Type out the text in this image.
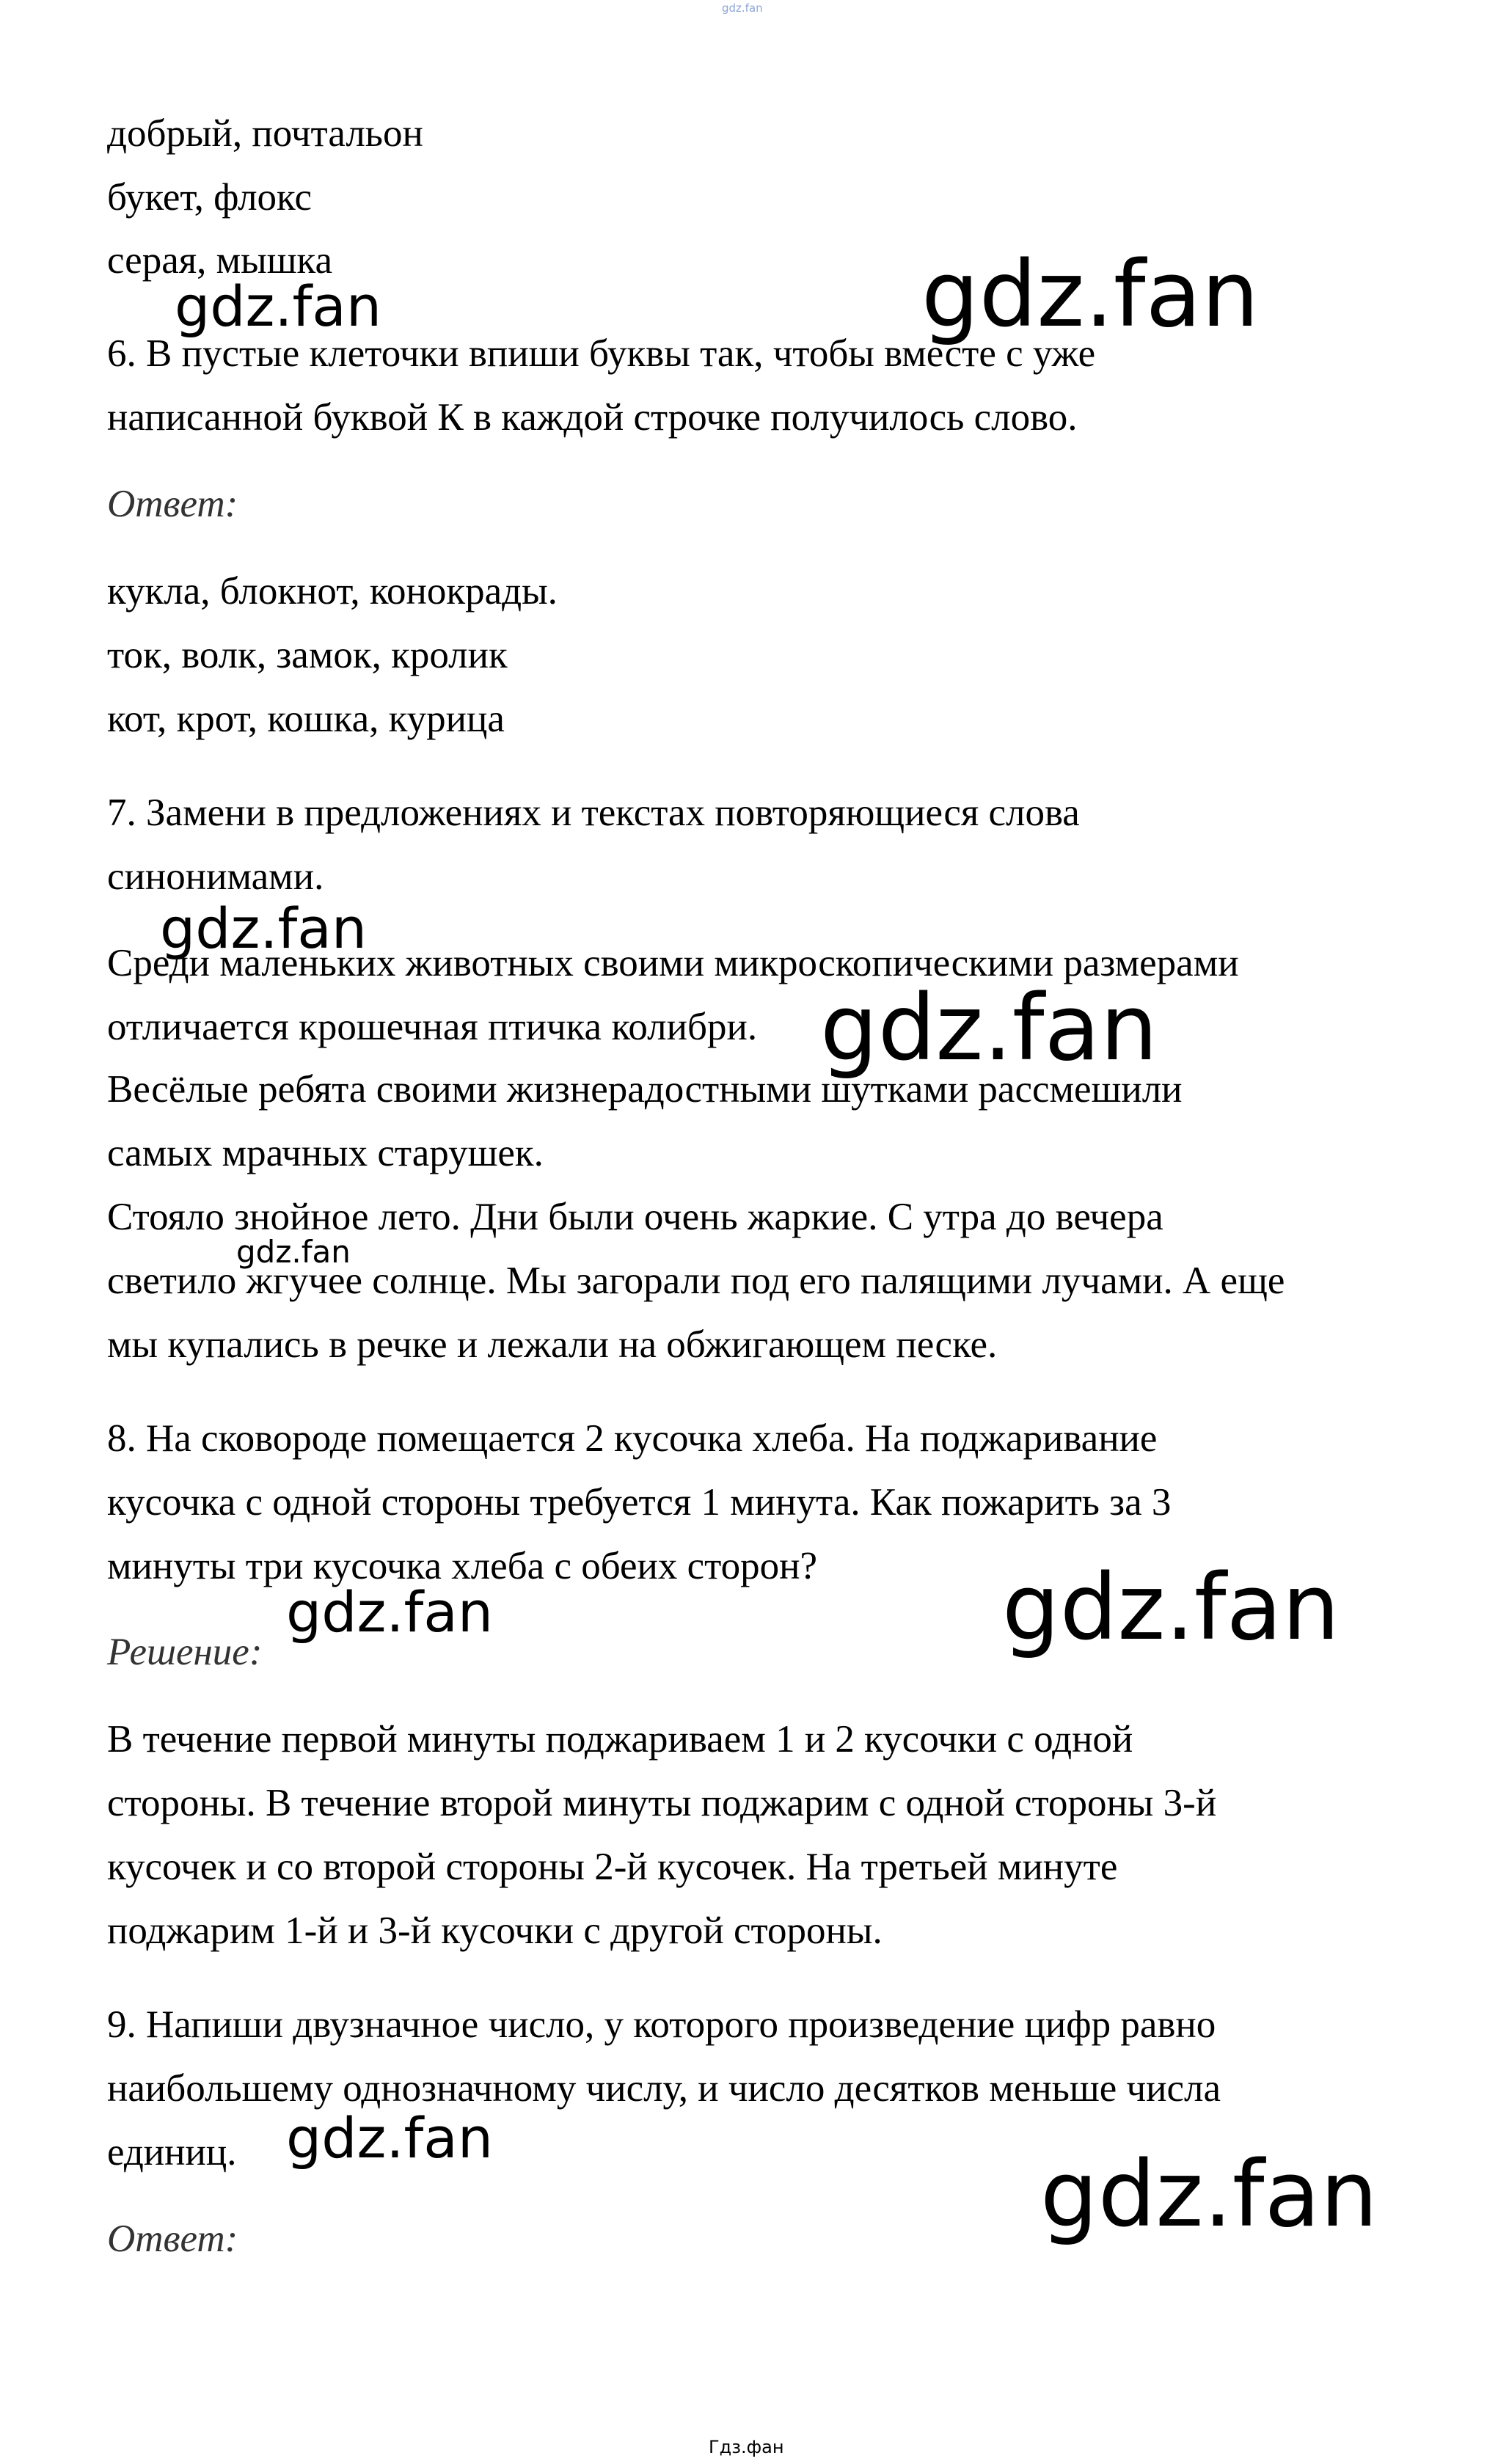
gdz.fan
добрый, почтальон
букет, флокс
серая, мышка
6. В пустые клеточки впиши буквы так, чтобы вместе с уже
написанной буквой К в каждой строчке получилось слово.
Ответ:
кукла, блокнот, конокрады.
ток, волк, замок, кролик
кот, крот, кошка, курица
7. Замени в предложениях и текстах повторяющиеся слова
синонимами.
Среди маленьких животных своими микроскопическими размерами
отличается крошечная птичка колибри.
Весёлые ребята своими жизнерадостными шутками рассмешили
самых мрачных старушек.
Стояло знойное лето. Дни были очень жаркие. С утра до вечера
светило жгучее солнце. Мы загорали под его палящими лучами. А еще
мы купались в речке и лежали на обжигающем песке.
8. На сковороде помещается 2 кусочка хлеба. На поджаривание
кусочка с одной стороны требуется 1 минута. Как пожарить за 3
минуты три кусочка хлеба с обеих сторон?
Решение:
В течение первой минуты поджариваем 1 и 2 кусочки с одной
стороны. В течение второй минуты поджарим с одной стороны 3-й
кусочек и со второй стороны 2-й кусочек. На третьей минуте
поджарим 1-й и 3-й кусочки с другой стороны.
9. Напиши двузначное число, у которого произведение цифр равно
наибольшему однозначному числу, и число десятков меньше числа
единиц.
Ответ:
gdz.fan	gdz.fan
gdz.fan
gdz.fan
gdz.fan
gdz.fan	gdz.fan
gdz.fan
gdz.fan
Гдз.фан
